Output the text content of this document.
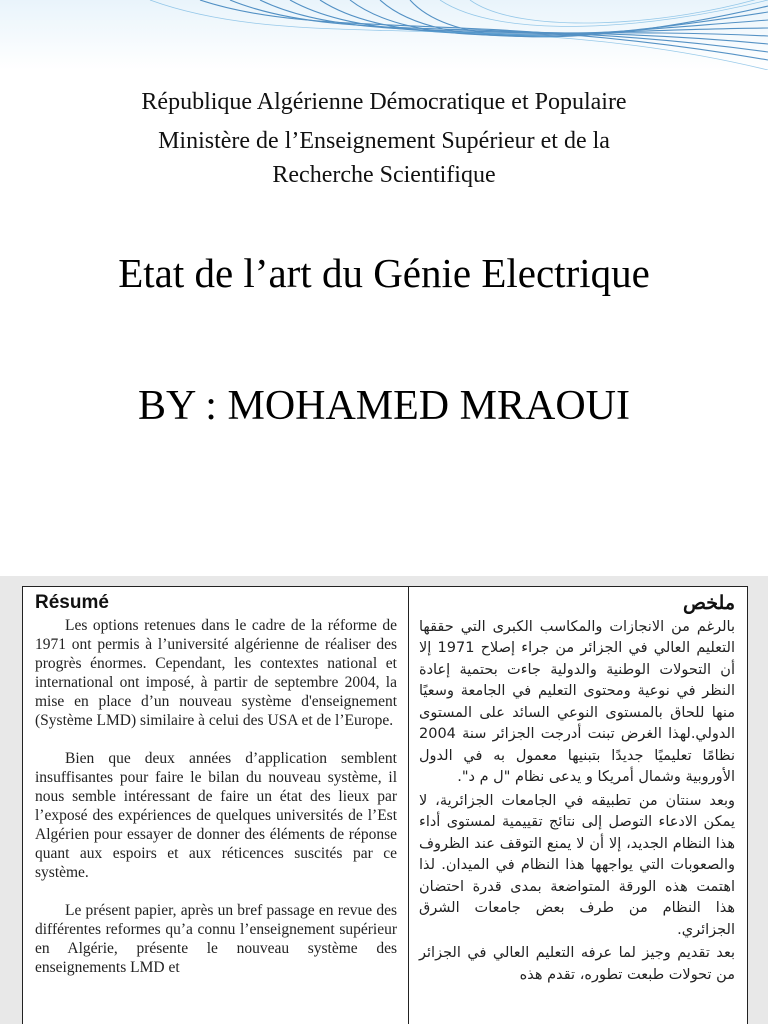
République Algérienne Démocratique et Populaire
Ministère de l’Enseignement Supérieur et de la
Recherche Scientifique
Etat de l’art du Génie Electrique
BY : MOHAMED MRAOUI
Résumé

Les options retenues dans le cadre de la réforme de 1971 ont permis à l’université algérienne de réaliser des progrès énormes. Cependant, les contextes national et international ont imposé, à partir de septembre 2004, la mise en place d’un nouveau système d'enseignement (Système LMD) similaire à celui des USA et de l’Europe.

Bien que deux années d’application semblent insuffisantes pour faire le bilan du nouveau système, il nous semble intéressant de faire un état des lieux par l’exposé des expériences de quelques universités de l’Est Algérien pour essayer de donner des éléments de réponse quant aux espoirs et aux réticences suscités par ce système.

Le présent papier, après un bref passage en revue des différentes reformes qu’a connu l’enseignement supérieur en Algérie, présente le nouveau système des enseignements LMD et

ملخص

بالرغم من الانجازات والمكاسب الكبرى التي حققها التعليم العالي في الجزائر من جراء إصلاح 1971 إلا أن التحولات الوطنية والدولية جاءت بحتمية إعادة النظر في نوعية ومحتوى التعليم في الجامعة وسعيًا منها للحاق بالمستوى النوعي السائد على المستوى الدولي.لهذا الغرض تبنت أدرجت الجزائر سنة 2004 نظامًا تعليميًا جديدًا بتبنيها معمول به في الدول الأوروبية وشمال أمريكا و يدعى نظام "ل م د".

وبعد سنتان من تطبيقه في الجامعات الجزائرية، لا يمكن الادعاء التوصل إلى نتائج تقييمية لمستوى أداء هذا النظام الجديد، إلا أن لا يمنع التوقف عند الظروف والصعوبات التي يواجهها هذا النظام في الميدان. لذا اهتمت هذه الورقة المتواضعة بمدى قدرة احتضان هذا النظام من طرف بعض جامعات الشرق الجزائري.

بعد تقديم وجيز لما عرفه التعليم العالي في الجزائر من تحولات طبعت تطوره، تقدم هذه
